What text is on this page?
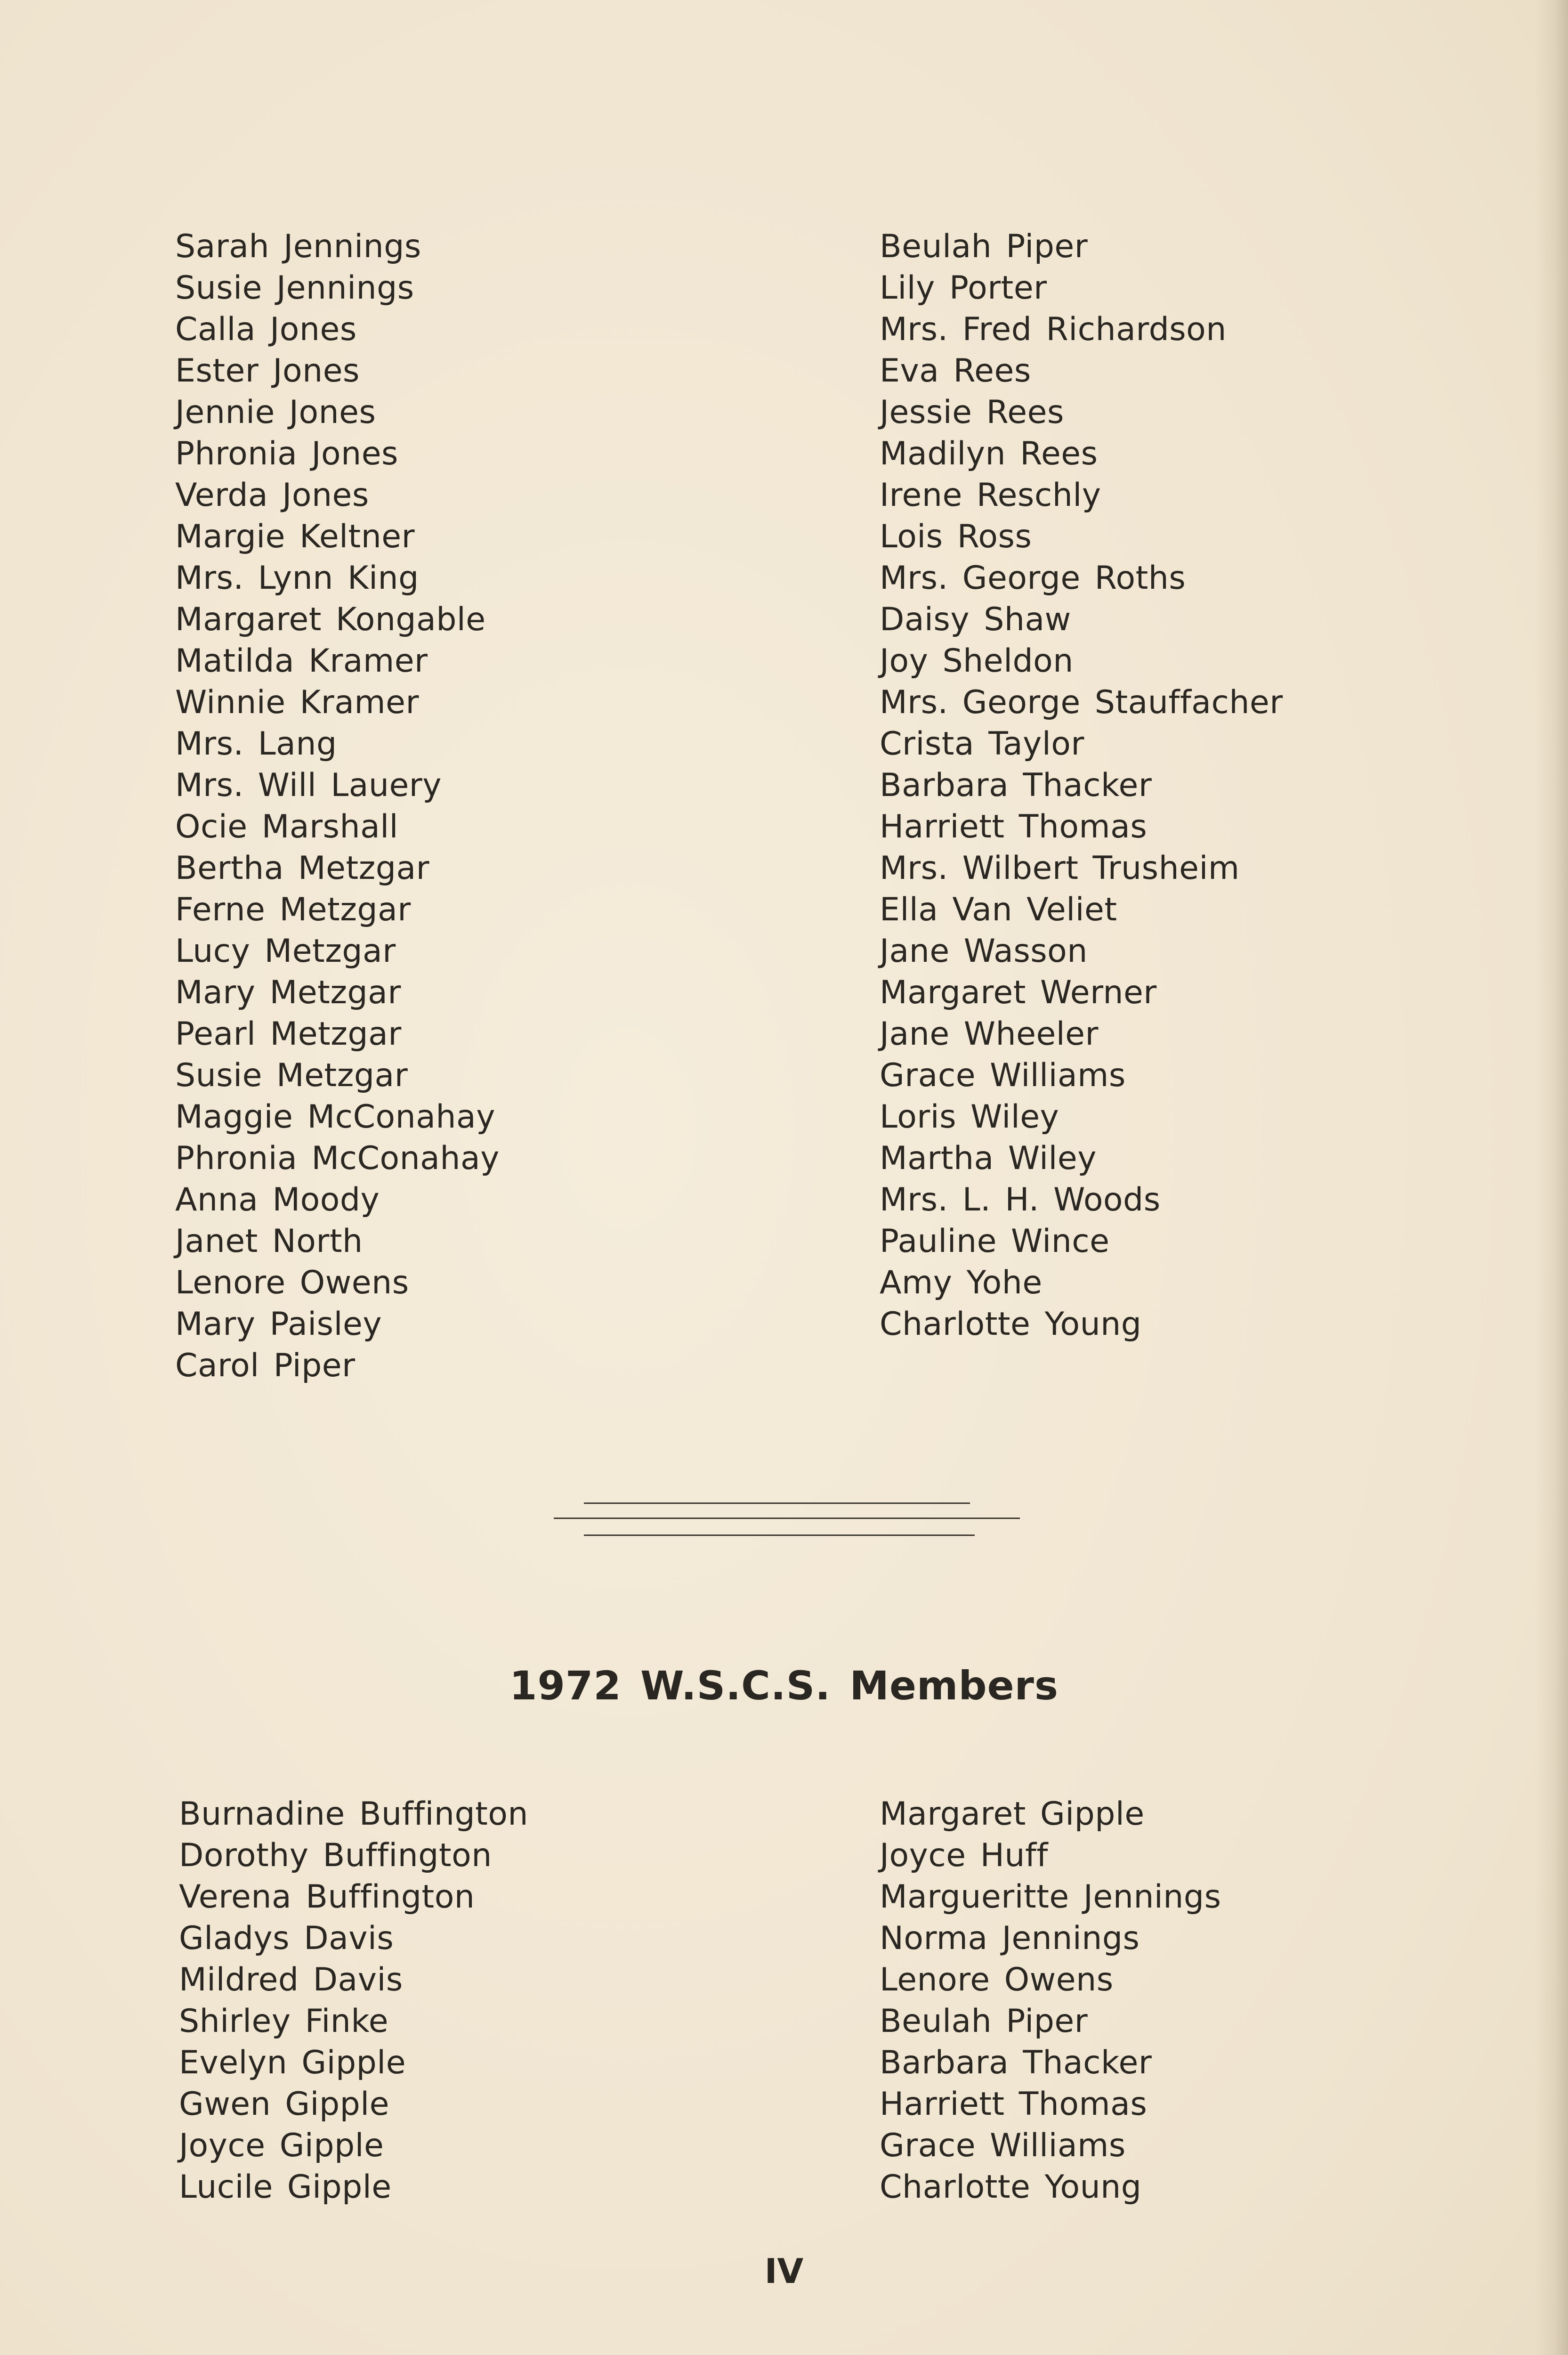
Sarah Jennings
Susie Jennings
Calla Jones
Ester Jones
Jennie Jones
Phronia Jones
Verda Jones
Margie Keltner
Mrs. Lynn King
Margaret Kongable
Matilda Kramer
Winnie Kramer
Mrs. Lang
Mrs. Will Lauery
Ocie Marshall
Bertha Metzgar
Ferne Metzgar
Lucy Metzgar
Mary Metzgar
Pearl Metzgar
Susie Metzgar
Maggie McConahay
Phronia McConahay
Anna Moody
Janet North
Lenore Owens
Mary Paisley
Carol Piper
Beulah Piper
Lily Porter
Mrs. Fred Richardson
Eva Rees
Jessie Rees
Madilyn Rees
Irene Reschly
Lois Ross
Mrs. George Roths
Daisy Shaw
Joy Sheldon
Mrs. George Stauffacher
Crista Taylor
Barbara Thacker
Harriett Thomas
Mrs. Wilbert Trusheim
Ella Van Veliet
Jane Wasson
Margaret Werner
Jane Wheeler
Grace Williams
Loris Wiley
Martha Wiley
Mrs. L. H. Woods
Pauline Wince
Amy Yohe
Charlotte Young
1972 W.S.C.S. Members
Burnadine Buffington
Dorothy Buffington
Verena Buffington
Gladys Davis
Mildred Davis
Shirley Finke
Evelyn Gipple
Gwen Gipple
Joyce Gipple
Lucile Gipple
Margaret Gipple
Joyce Huff
Margueritte Jennings
Norma Jennings
Lenore Owens
Beulah Piper
Barbara Thacker
Harriett Thomas
Grace Williams
Charlotte Young
IV
